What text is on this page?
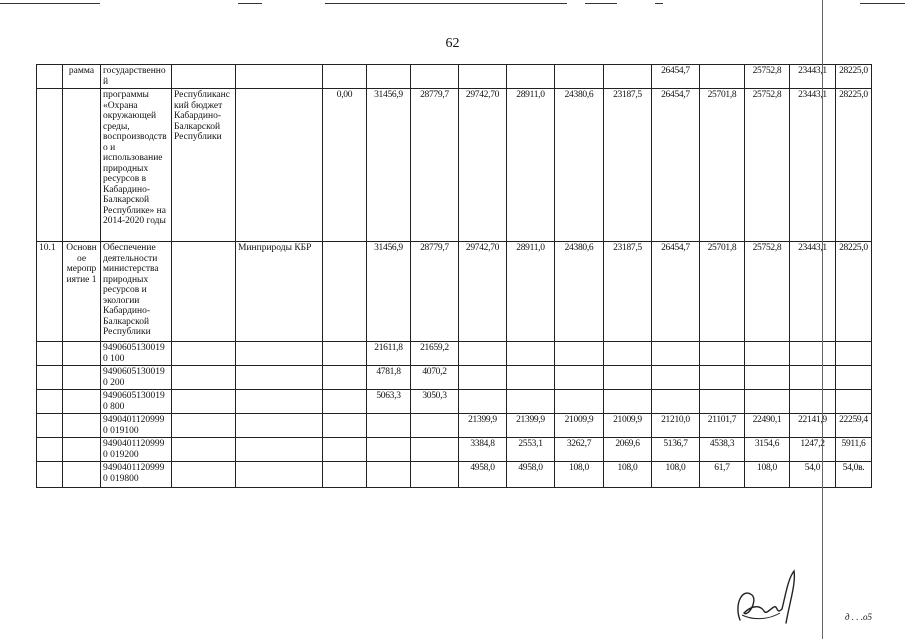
62
	рамма	государственной										26454,7		25752,8	23443,1	28225,0
		программы «Охрана окружающей среды, воспроизводство и использование природных ресурсов в Кабардино-Балкарской Республике» на 2014-2020 годы	Республиканский бюджет Кабардино-Балкарской Республики		0,00	31456,9	28779,7	29742,70	28911,0	24380,6	23187,5	26454,7	25701,8	25752,8	23443,1	28225,0
10.1	Основное мероприятие 1	Обеспечение деятельности министерства природных ресурсов и экологии Кабардино-Балкарской Республики		Минприроды КБР		31456,9	28779,7	29742,70	28911,0	24380,6	23187,5	26454,7	25701,8	25752,8	23443,1	28225,0
		94906051300190 100				21611,8	21659,2									
		94906051300190 200				4781,8	4070,2									
		94906051300190 800				5063,3	3050,3									
		94904011209990 019100						21399,9	21399,9	21009,9	21009,9	21210,0	21101,7	22490,1	22141,9	22259,4
		94904011209990 019200						3384,8	2553,1	3262,7	2069,6	5136,7	4538,3	3154,6	1247,2	5911,6
		94904011209990 019800						4958,0	4958,0	108,0	108,0	108,0	61,7	108,0	54,0	54,0в.
д . . .о5
